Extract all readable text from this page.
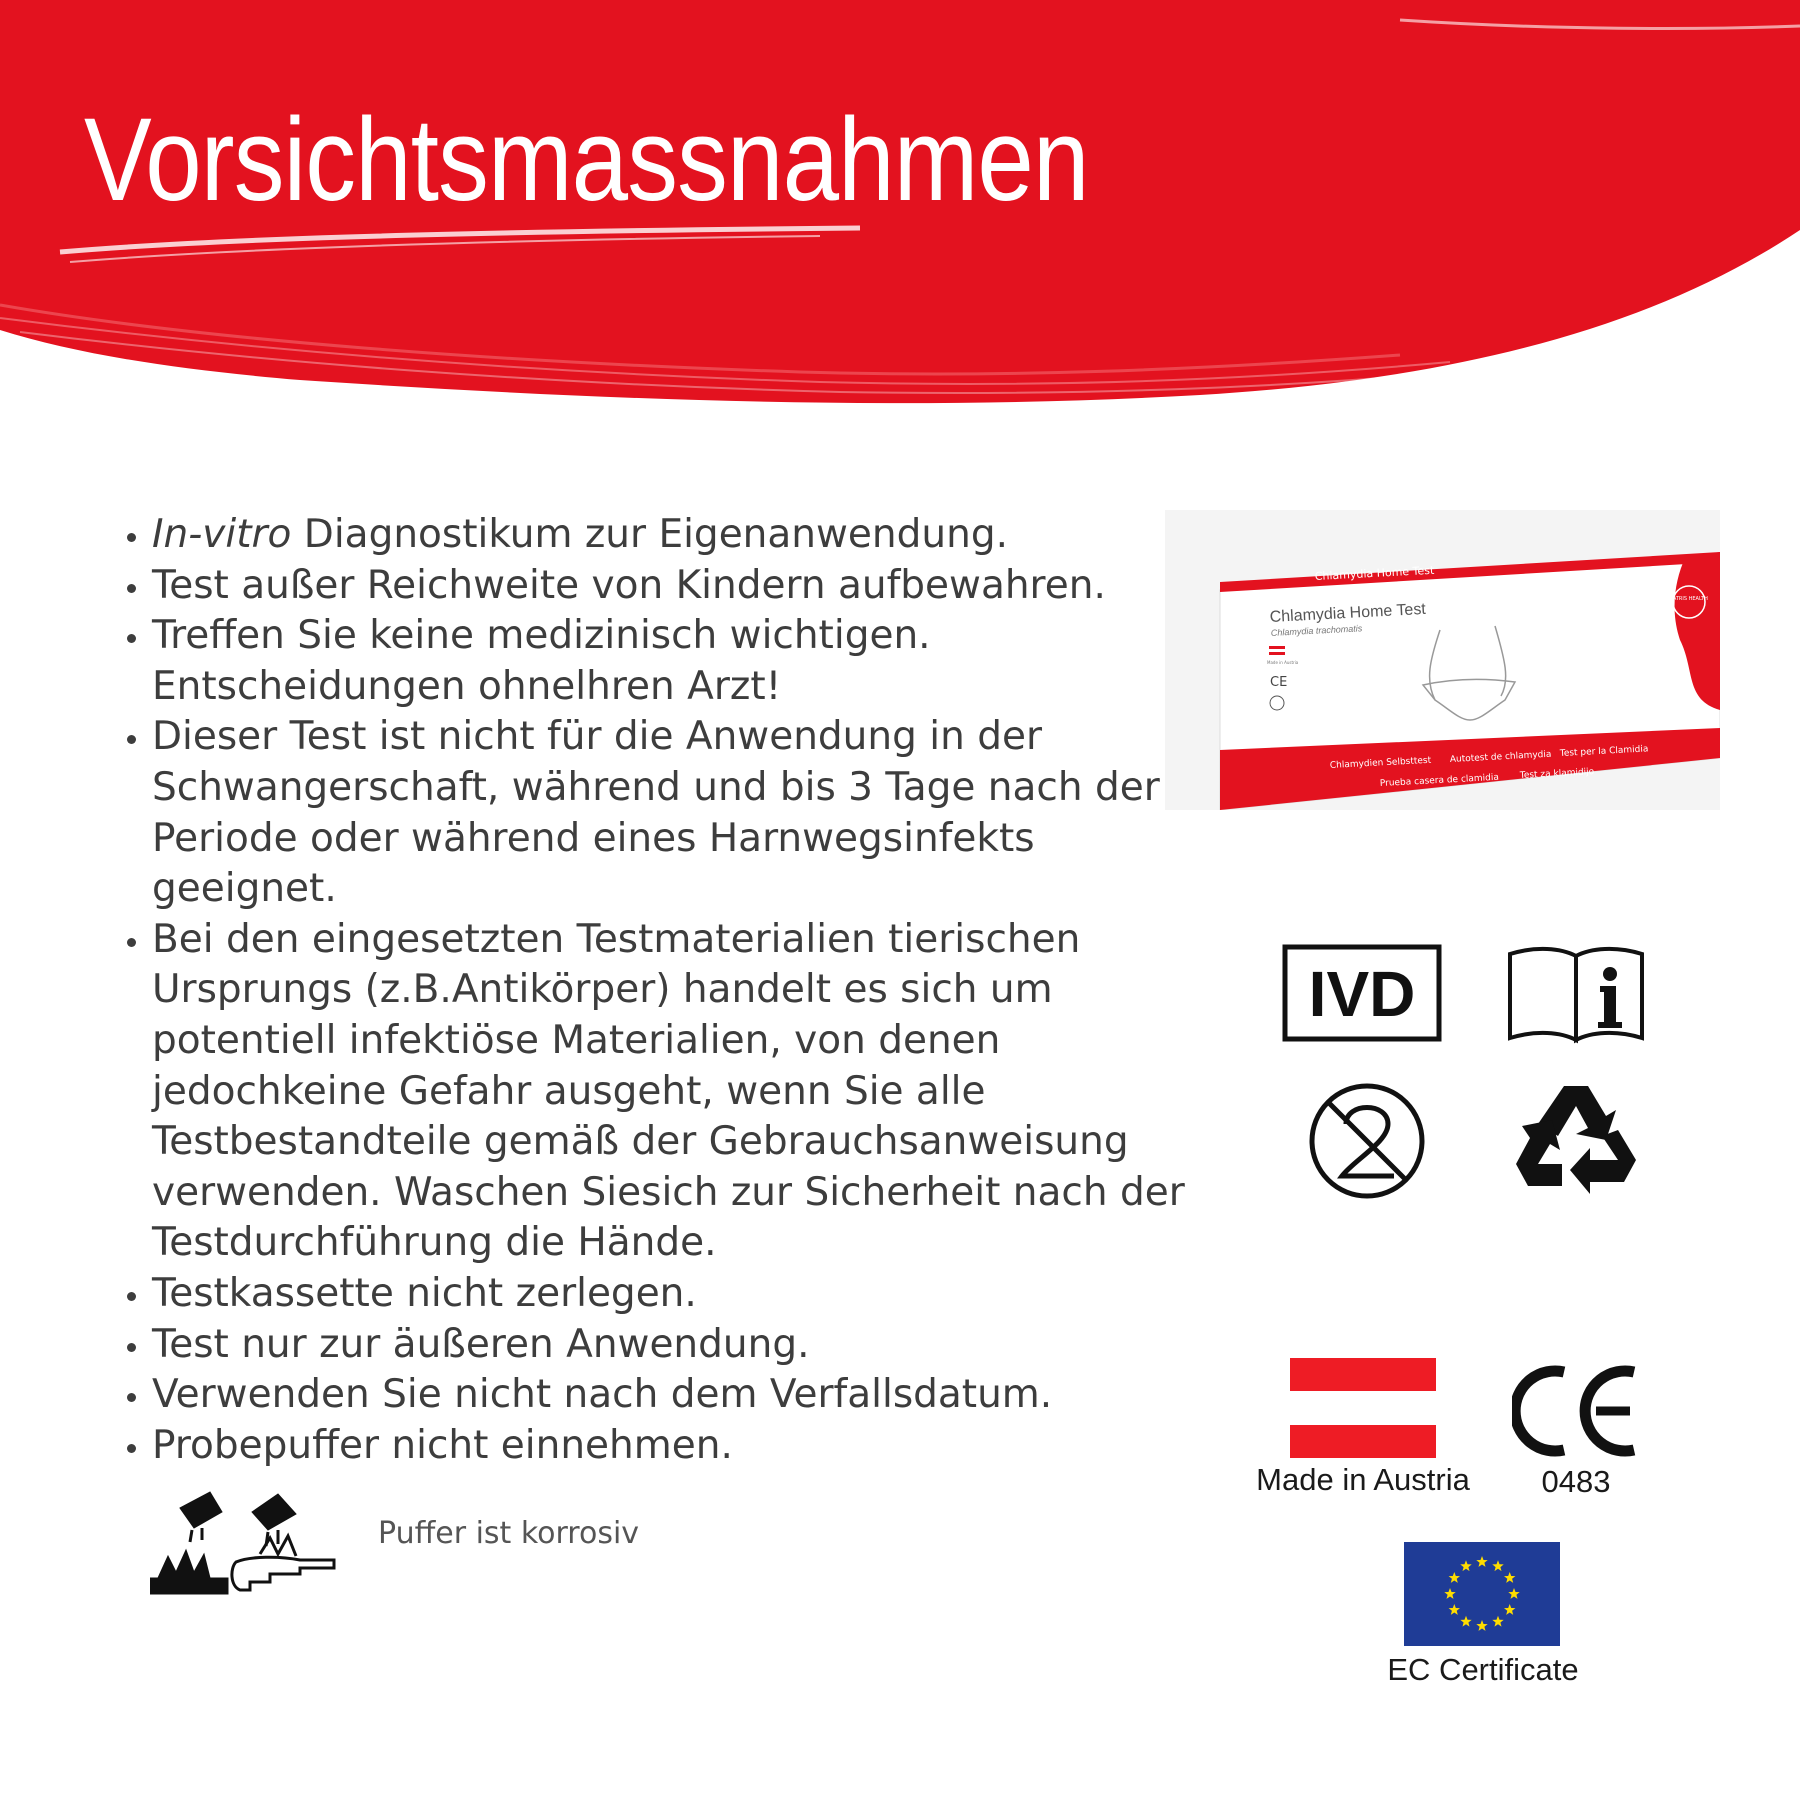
Vorsichtsmassnahmen
• In-vitro Diagnostikum zur Eigenanwendung.
• Test außer Reichweite von Kindern aufbewahren.
• Treffen Sie keine medizinisch wichtigen. Entscheidungen ohnelhren Arzt!
• Dieser Test ist nicht für die Anwendung in der Schwangerschaft, während und bis 3 Tage nach der Periode oder während eines Harnwegsinfekts geeignet.
• Bei den eingesetzten Testmaterialien tierischen Ursprungs (z.B.Antikörper) handelt es sich um potentiell infektiöse Materialien, von denen jedochkeine Gefahr ausgeht, wenn Sie alle Testbestandteile gemäß der Gebrauchsanweisung verwenden. Waschen Siesich zur Sicherheit nach der Testdurchführung die Hände.
• Testkassette nicht zerlegen.
• Test nur zur äußeren Anwendung.
• Verwenden Sie nicht nach dem Verfallsdatum.
• Probepuffer nicht einnehmen.
Puffer ist korrosiv
PATRIS HEALTH
Chlamydia Home Test
Chlamydia Home Test
Chlamydia trachomatis
Made in Austria
CE
Chlamydien Selbsttest Autotest de chlamydia Test per la Clamidia
Prueba casera de clamidia Test za klamidijo
IVD
Made in Austria	0483
EC Certificate
